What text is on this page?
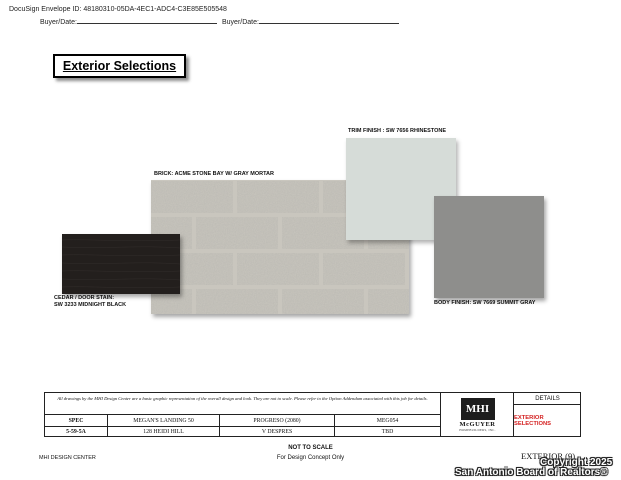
DocuSign Envelope ID: 48180310-05DA-4EC1-ADC4-C3E85E505548
Buyer/Date:	Buyer/Date:
Exterior Selections
TRIM FINISH : SW 7656 RHINESTONE
BRICK: ACME STONE BAY W/ GRAY MORTAR
CEDAR / DOOR STAIN:
SW 3233 MIDNIGHT BLACK	BODY FINISH: SW 7669 SUMMIT GRAY
All drawings by the MHI Design Center are a basic graphic representation of the overall design and look. They are not to scale. Please refer to the Option Addendum associated with this job for details.
SPEC	MEGAN'S LANDING 50	PROGRESO (2080)	MEG054
5-59-5A	128 HEIDI HILL	V DESPRES	TBD
MHI
McGUYER
HOMEBUILDERS, INC.
DETAILS
EXTERIOR SELECTIONS
NOT TO SCALE
For Design Concept Only
MHI DESIGN CENTER	EXTERIOR (9)
Copyright 2025
San Antonio Board of Realtors®
